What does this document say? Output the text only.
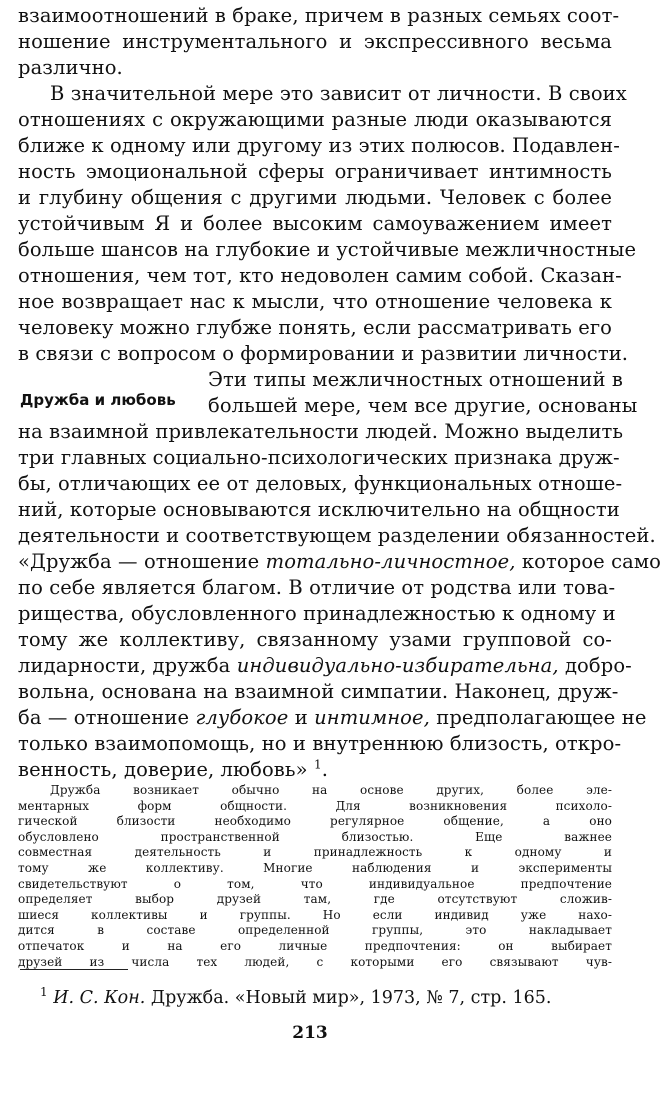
взаимоотношений в браке, причем в разных семьях соот-
ношение инструментального и экспрессивного весьма
различно.
В значительной мере это зависит от личности. В своих
отношениях с окружающими разные люди оказываются
ближе к одному или другому из этих полюсов. Подавлен-
ность эмоциональной сферы ограничивает интимность
и глубину общения с другими людьми. Человек с более
устойчивым Я и более высоким самоуважением имеет
больше шансов на глубокие и устойчивые межличностные
отношения, чем тот, кто недоволен самим собой. Сказан-
ное возвращает нас к мысли, что отношение человека к
человеку можно глубже понять, если рассматривать его
в связи с вопросом о формировании и развитии личности.
Дружба и любовь
Эти типы межличностных отношений в
большей мере, чем все другие, основаны
на взаимной привлекательности людей. Можно выделить
три главных социально-психологических признака друж-
бы, отличающих ее от деловых, функциональных отноше-
ний, которые основываются исключительно на общности
деятельности и соответствующем разделении обязанностей.
«Дружба — отношение тотально-личностное, которое само
по себе является благом. В отличие от родства или това-
рищества, обусловленного принадлежностью к одному и
тому же коллективу, связанному узами групповой со-
лидарности, дружба индивидуально-избирательна, добро-
вольна, основана на взаимной симпатии. Наконец, друж-
ба — отношение глубокое и интимное, предполагающее не
только взаимопомощь, но и внутреннюю близость, откро-
венность, доверие, любовь» $^1$.
Дружба возникает обычно на основе других, более эле-
ментарных форм общности. Для возникновения психоло-
гической близости необходимо регулярное общение, а оно
обусловлено пространственной близостью. Еще важнее
совместная деятельность и принадлежность к одному и
тому же коллективу. Многие наблюдения и эксперименты
свидетельствуют о том, что индивидуальное предпочтение
$^1$ И. С. Кон. Дружба. «Новый мир», 1973, № 7, стр. 165.
213
определяет выбор друзей там, где отсутствуют сложив-
шиеся коллективы и группы. Но если индивид уже нахо-
дится в составе определенной группы, это накладывает
отпечаток и на его личные предпочтения: он выбирает
друзей из числа тех людей, с которыми его связывают чув-
